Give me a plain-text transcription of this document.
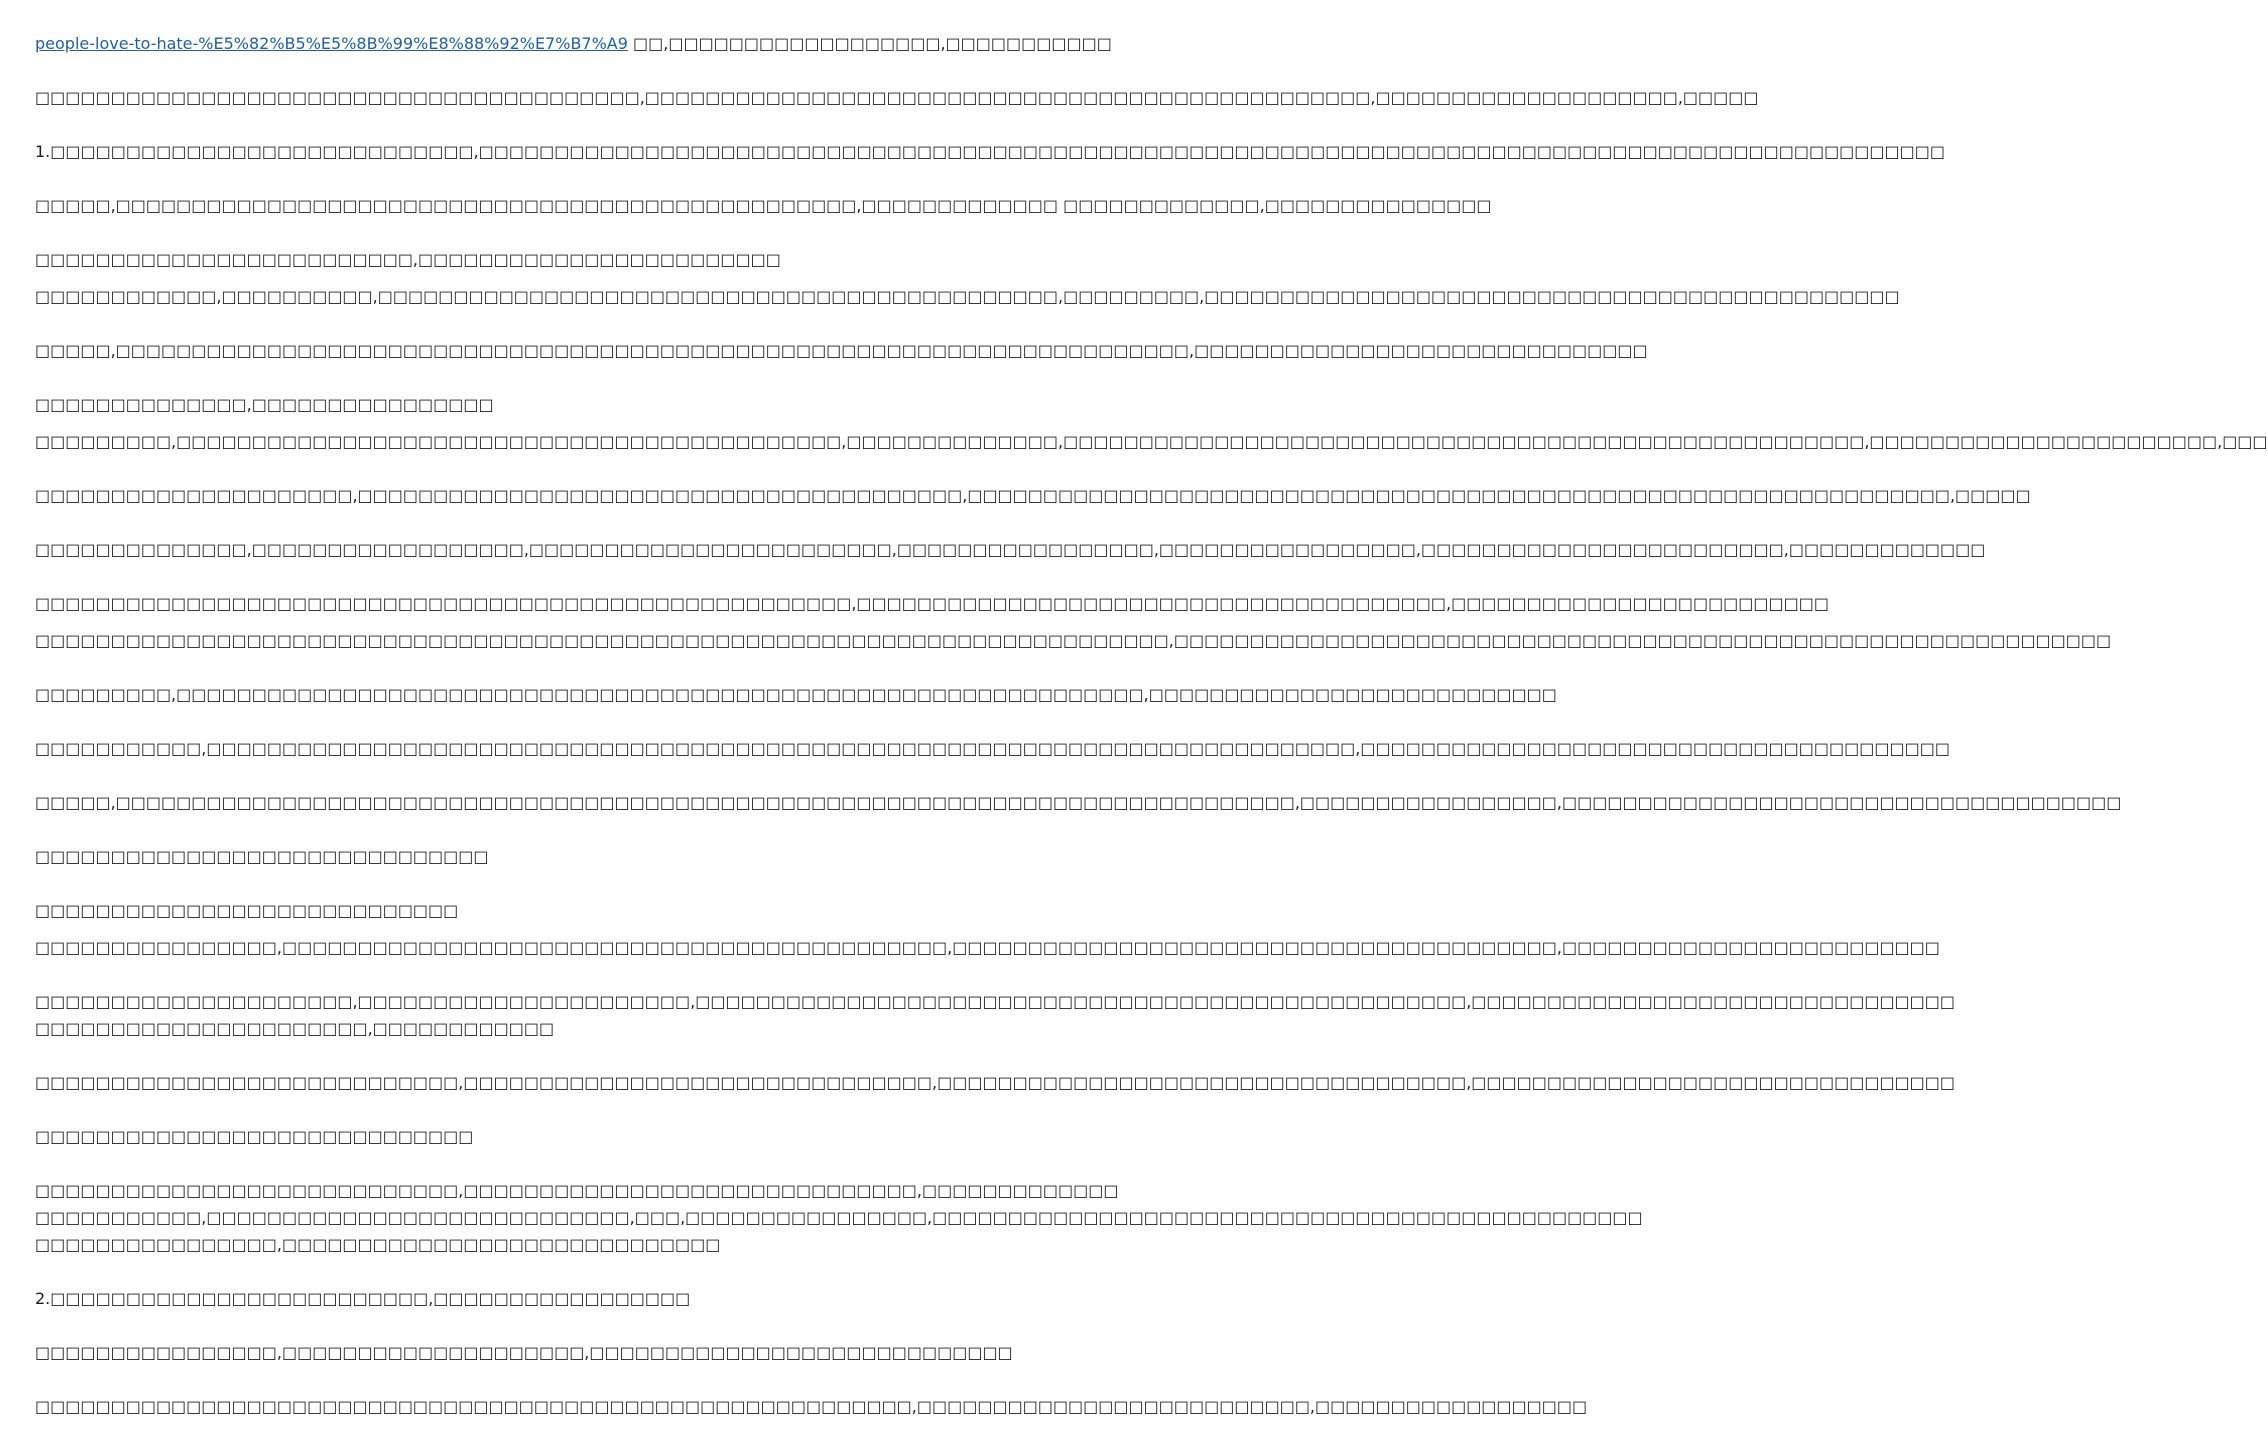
people-love-to-hate-%E5%82%B5%E5%8B%99%E8%88%92%E7%B7%A9 □□,□□□□□□□□□□□□□□□□□□,□□□□□□□□□□□

□□□□□□□□□□□□□□□□□□□□□□□□□□□□□□□□□□□□□□□□,□□□□□□□□□□□□□□□□□□□□□□□□□□□□□□□□□□□□□□□□□□□□□□□□,□□□□□□□□□□□□□□□□□□□□,□□□□□

1.□□□□□□□□□□□□□□□□□□□□□□□□□□□□,□□□□□□□□□□□□□□□□□□□□□□□□□□□□□□□□□□□□□□□□□□□□□□□□□□□□□□□□□□□□□□□□□□□□□□□□□□□□□□□□□□□□□□□□□□□□□□□□□

□□□□□,□□□□□□□□□□□□□□□□□□□□□□□□□□□□□□□□□□□□□□□□□□□□□□□□□,□□□□□□□□□□□□□ □□□□□□□□□□□□□,□□□□□□□□□□□□□□□

□□□□□□□□□□□□□□□□□□□□□□□□□,□□□□□□□□□□□□□□□□□□□□□□□□
□□□□□□□□□□□□,□□□□□□□□□□,□□□□□□□□□□□□□□□□□□□□□□□□□□□□□□□□□□□□□□□□□□□□□,□□□□□□□□□,□□□□□□□□□□□□□□□□□□□□□□□□□□□□□□□□□□□□□□□□□□□□□□

□□□□□,□□□□□□□□□□□□□□□□□□□□□□□□□□□□□□□□□□□□□□□□□□□□□□□□□□□□□□□□□□□□□□□□□□□□□□□,□□□□□□□□□□□□□□□□□□□□□□□□□□□□□□

□□□□□□□□□□□□□□,□□□□□□□□□□□□□□□□
□□□□□□□□□,□□□□□□□□□□□□□□□□□□□□□□□□□□□□□□□□□□□□□□□□□□□□,□□□□□□□□□□□□□□,□□□□□□□□□□□□□□□□□□□□□□□□□□□□□□□□□□□□□□□□□□□□□□□□□□□□□,□□□□□□□□□□□□□□□□□□□□□□□,□□□

□□□□□□□□□□□□□□□□□□□□□,□□□□□□□□□□□□□□□□□□□□□□□□□□□□□□□□□□□□□□□□,□□□□□□□□□□□□□□□□□□□□□□□□□□□□□□□□□□□□□□□□□□□□□□□□□□□□□□□□□□□□□□□□□,□□□□□

□□□□□□□□□□□□□□,□□□□□□□□□□□□□□□□□□,□□□□□□□□□□□□□□□□□□□□□□□□,□□□□□□□□□□□□□□□□□,□□□□□□□□□□□□□□□□□,□□□□□□□□□□□□□□□□□□□□□□□□,□□□□□□□□□□□□□

□□□□□□□□□□□□□□□□□□□□□□□□□□□□□□□□□□□□□□□□□□□□□□□□□□□□□□,□□□□□□□□□□□□□□□□□□□□□□□□□□□□□□□□□□□□□□□,□□□□□□□□□□□□□□□□□□□□□□□□□
□□□□□□□□□□□□□□□□□□□□□□□□□□□□□□□□□□□□□□□□□□□□□□□□□□□□□□□□□□□□□□□□□□□□□□□□□□□,□□□□□□□□□□□□□□□□□□□□□□□□□□□□□□□□□□□□□□□□□□□□□□□□□□□□□□□□□□□□□□

□□□□□□□□□,□□□□□□□□□□□□□□□□□□□□□□□□□□□□□□□□□□□□□□□□□□□□□□□□□□□□□□□□□□□□□□□□,□□□□□□□□□□□□□□□□□□□□□□□□□□□

□□□□□□□□□□□,□□□□□□□□□□□□□□□□□□□□□□□□□□□□□□□□□□□□□□□□□□□□□□□□□□□□□□□□□□□□□□□□□□□□□□□□□□□□,□□□□□□□□□□□□□□□□□□□□□□□□□□□□□□□□□□□□□□□

□□□□□,□□□□□□□□□□□□□□□□□□□□□□□□□□□□□□□□□□□□□□□□□□□□□□□□□□□□□□□□□□□□□□□□□□□□□□□□□□□□□□,□□□□□□□□□□□□□□□□□,□□□□□□□□□□□□□□□□□□□□□□□□□□□□□□□□□□□□□

□□□□□□□□□□□□□□□□□□□□□□□□□□□□□□

□□□□□□□□□□□□□□□□□□□□□□□□□□□□
□□□□□□□□□□□□□□□□,□□□□□□□□□□□□□□□□□□□□□□□□□□□□□□□□□□□□□□□□□□□□,□□□□□□□□□□□□□□□□□□□□□□□□□□□□□□□□□□□□□□□□,□□□□□□□□□□□□□□□□□□□□□□□□□

□□□□□□□□□□□□□□□□□□□□□,□□□□□□□□□□□□□□□□□□□□□□,□□□□□□□□□□□□□□□□□□□□□□□□□□□□□□□□□□□□□□□□□□□□□□□□□□□,□□□□□□□□□□□□□□□□□□□□□□□□□□□□□□□□
□□□□□□□□□□□□□□□□□□□□□□,□□□□□□□□□□□□

□□□□□□□□□□□□□□□□□□□□□□□□□□□□,□□□□□□□□□□□□□□□□□□□□□□□□□□□□□□□,□□□□□□□□□□□□□□□□□□□□□□□□□□□□□□□□□□□,□□□□□□□□□□□□□□□□□□□□□□□□□□□□□□□□

□□□□□□□□□□□□□□□□□□□□□□□□□□□□□

□□□□□□□□□□□□□□□□□□□□□□□□□□□□,□□□□□□□□□□□□□□□□□□□□□□□□□□□□□□,□□□□□□□□□□□□□
□□□□□□□□□□□,□□□□□□□□□□□□□□□□□□□□□□□□□□□□,□□□,□□□□□□□□□□□□□□□□,□□□□□□□□□□□□□□□□□□□□□□□□□□□□□□□□□□□□□□□□□□□□□□□
□□□□□□□□□□□□□□□□,□□□□□□□□□□□□□□□□□□□□□□□□□□□□□

2.□□□□□□□□□□□□□□□□□□□□□□□□□,□□□□□□□□□□□□□□□□□

□□□□□□□□□□□□□□□□,□□□□□□□□□□□□□□□□□□□□,□□□□□□□□□□□□□□□□□□□□□□□□□□□□

□□□□□□□□□□□□□□□□□□□□□□□□□□□□□□□□□□□□□□□□□□□□□□□□□□□□□□□□□□,□□□□□□□□□□□□□□□□□□□□□□□□□□,□□□□□□□□□□□□□□□□□□
